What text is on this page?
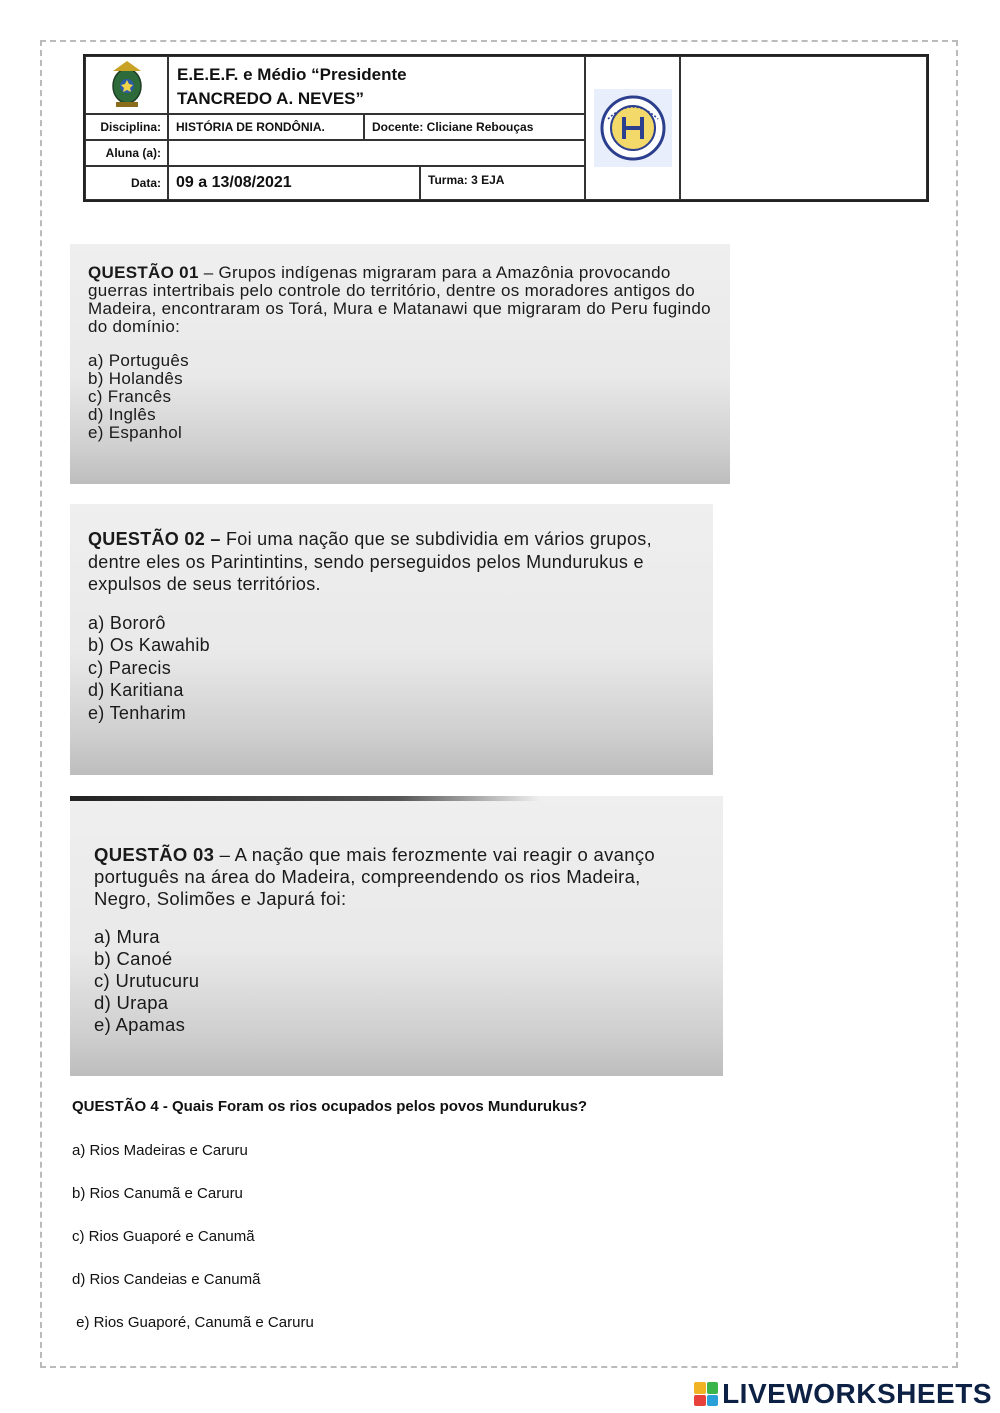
E.E.E.F. e Médio “Presidente
TANCREDO A. NEVES”
Disciplina:	HISTÓRIA DE RONDÔNIA.	Docente: Cliciane Rebouças
Aluna (a):
Data: 09 a 13/08/2021	Turma: 3 EJA

QUESTÃO 01 – Grupos indígenas migraram para a Amazônia provocando guerras intertribais pelo controle do território, dentre os moradores antigos do Madeira, encontraram os Torá, Mura e Matanawi que migraram do Peru fugindo do domínio:

a) Português
b) Holandês
c) Francês
d) Inglês
e) Espanhol

QUESTÃO 02 – Foi uma nação que se subdividia em vários grupos, dentre eles os Parintintins, sendo perseguidos pelos Mundurukus e expulsos de seus territórios.

a) Bororô
b) Os Kawahib
c) Parecis
d) Karitiana
e) Tenharim

QUESTÃO 03 – A nação que mais ferozmente vai reagir o avanço português na área do Madeira, compreendendo os rios Madeira, Negro, Solimões e Japurá foi:

a) Mura
b) Canoé
c) Urutucuru
d) Urapa
e) Apamas

QUESTÃO 4 - Quais Foram os rios ocupados pelos povos Mundurukus?

a) Rios Madeiras e Caruru

b) Rios Canumã e Caruru

c) Rios Guaporé e Canumã

d) Rios Candeias e Canumã

e) Rios Guaporé, Canumã e Caruru

LIVEWORKSHEETS
